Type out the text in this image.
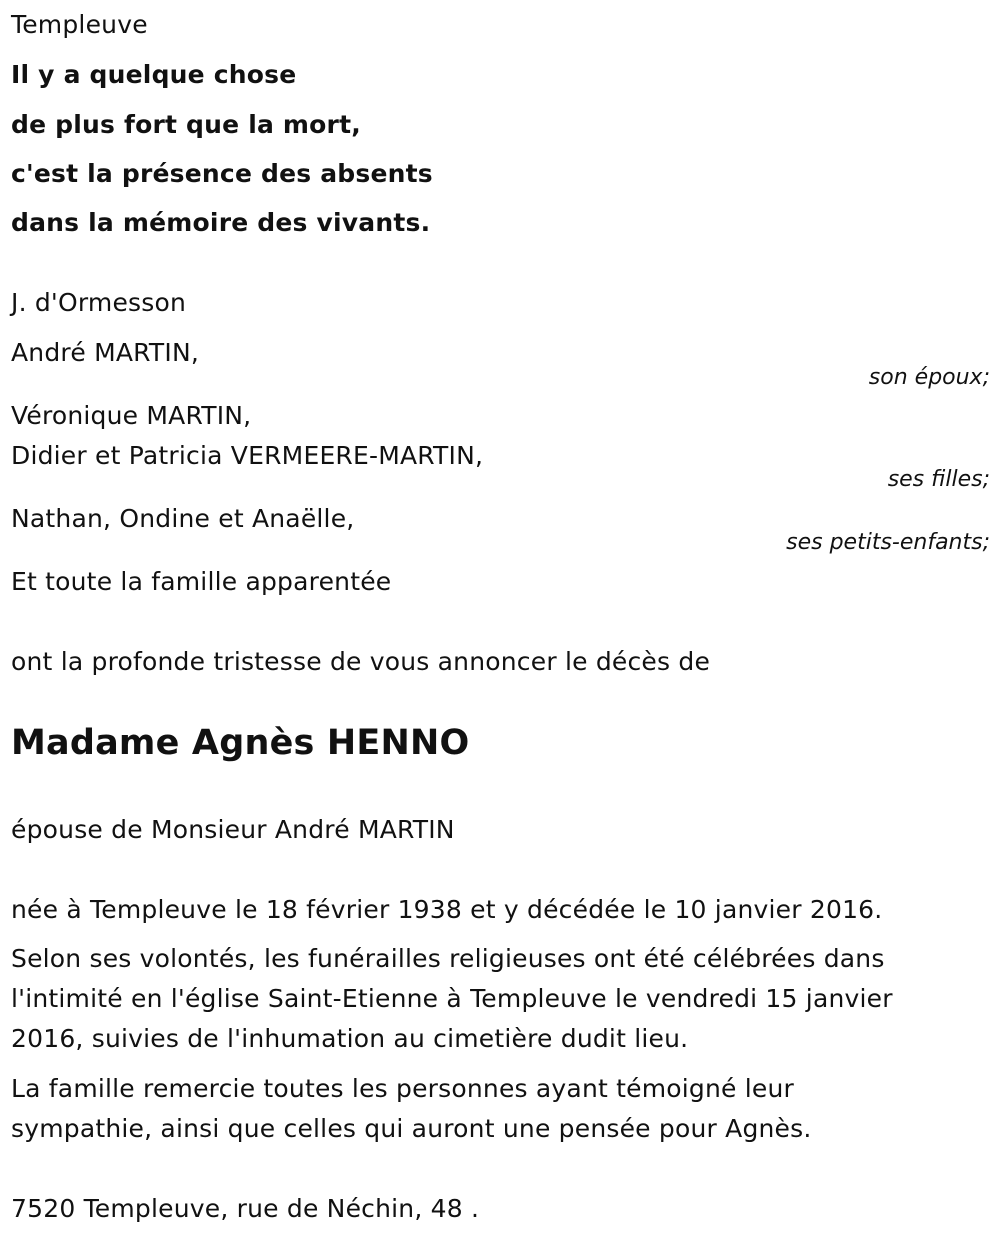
Templeuve
Il y a quelque chose
de plus fort que la mort,
c'est la présence des absents
dans la mémoire des vivants.
J. d'Ormesson
André MARTIN,
son époux;
Véronique MARTIN,
Didier et Patricia VERMEERE-MARTIN,
ses filles;
Nathan, Ondine et Anaëlle,
ses petits-enfants;
Et toute la famille apparentée
ont la profonde tristesse de vous annoncer le décès de
Madame Agnès HENNO
épouse de Monsieur André MARTIN
née à Templeuve le 18 février 1938 et y décédée le 10 janvier 2016.
Selon ses volontés, les funérailles religieuses ont été célébrées dans
l'intimité en l'église Saint-Etienne à Templeuve le vendredi 15 janvier
2016, suivies de l'inhumation au cimetière dudit lieu.
La famille remercie toutes les personnes ayant témoigné leur
sympathie, ainsi que celles qui auront une pensée pour Agnès.
7520 Templeuve, rue de Néchin, 48 .
